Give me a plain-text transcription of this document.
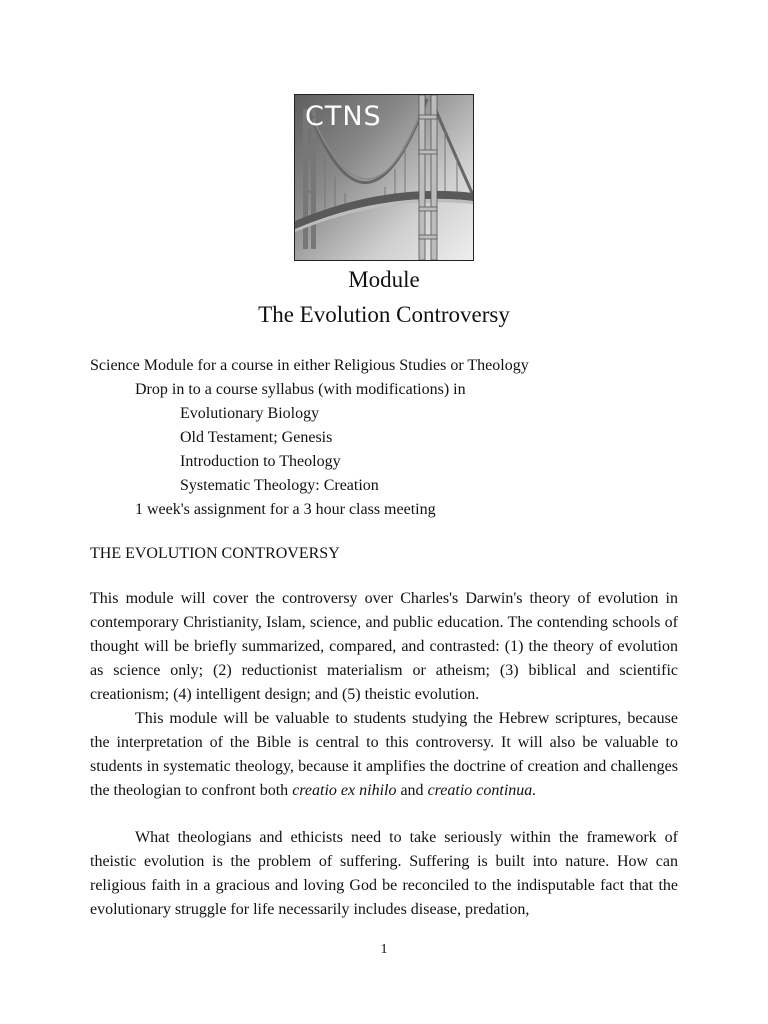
CTNS
Module
The Evolution Controversy
Science Module for a course in either Religious Studies or Theology
Drop in to a course syllabus (with modifications) in
Evolutionary Biology
Old Testament; Genesis
Introduction to Theology
Systematic Theology: Creation
1 week's assignment for a 3 hour class meeting
THE EVOLUTION CONTROVERSY

This module will cover the controversy over Charles's Darwin's theory of evolution in contemporary Christianity, Islam, science, and public education. The contending schools of thought will be briefly summarized, compared, and contrasted: (1) the theory of evolution as science only; (2) reductionist materialism or atheism; (3) biblical and scientific creationism; (4) intelligent design; and (5) theistic evolution.

This module will be valuable to students studying the Hebrew scriptures, because the interpretation of the Bible is central to this controversy. It will also be valuable to students in systematic theology, because it amplifies the doctrine of creation and challenges the theologian to confront both creatio ex nihilo and creatio continua.

What theologians and ethicists need to take seriously within the framework of theistic evolution is the problem of suffering. Suffering is built into nature. How can religious faith in a gracious and loving God be reconciled to the indisputable fact that the evolutionary struggle for life necessarily includes disease, predation,

1
